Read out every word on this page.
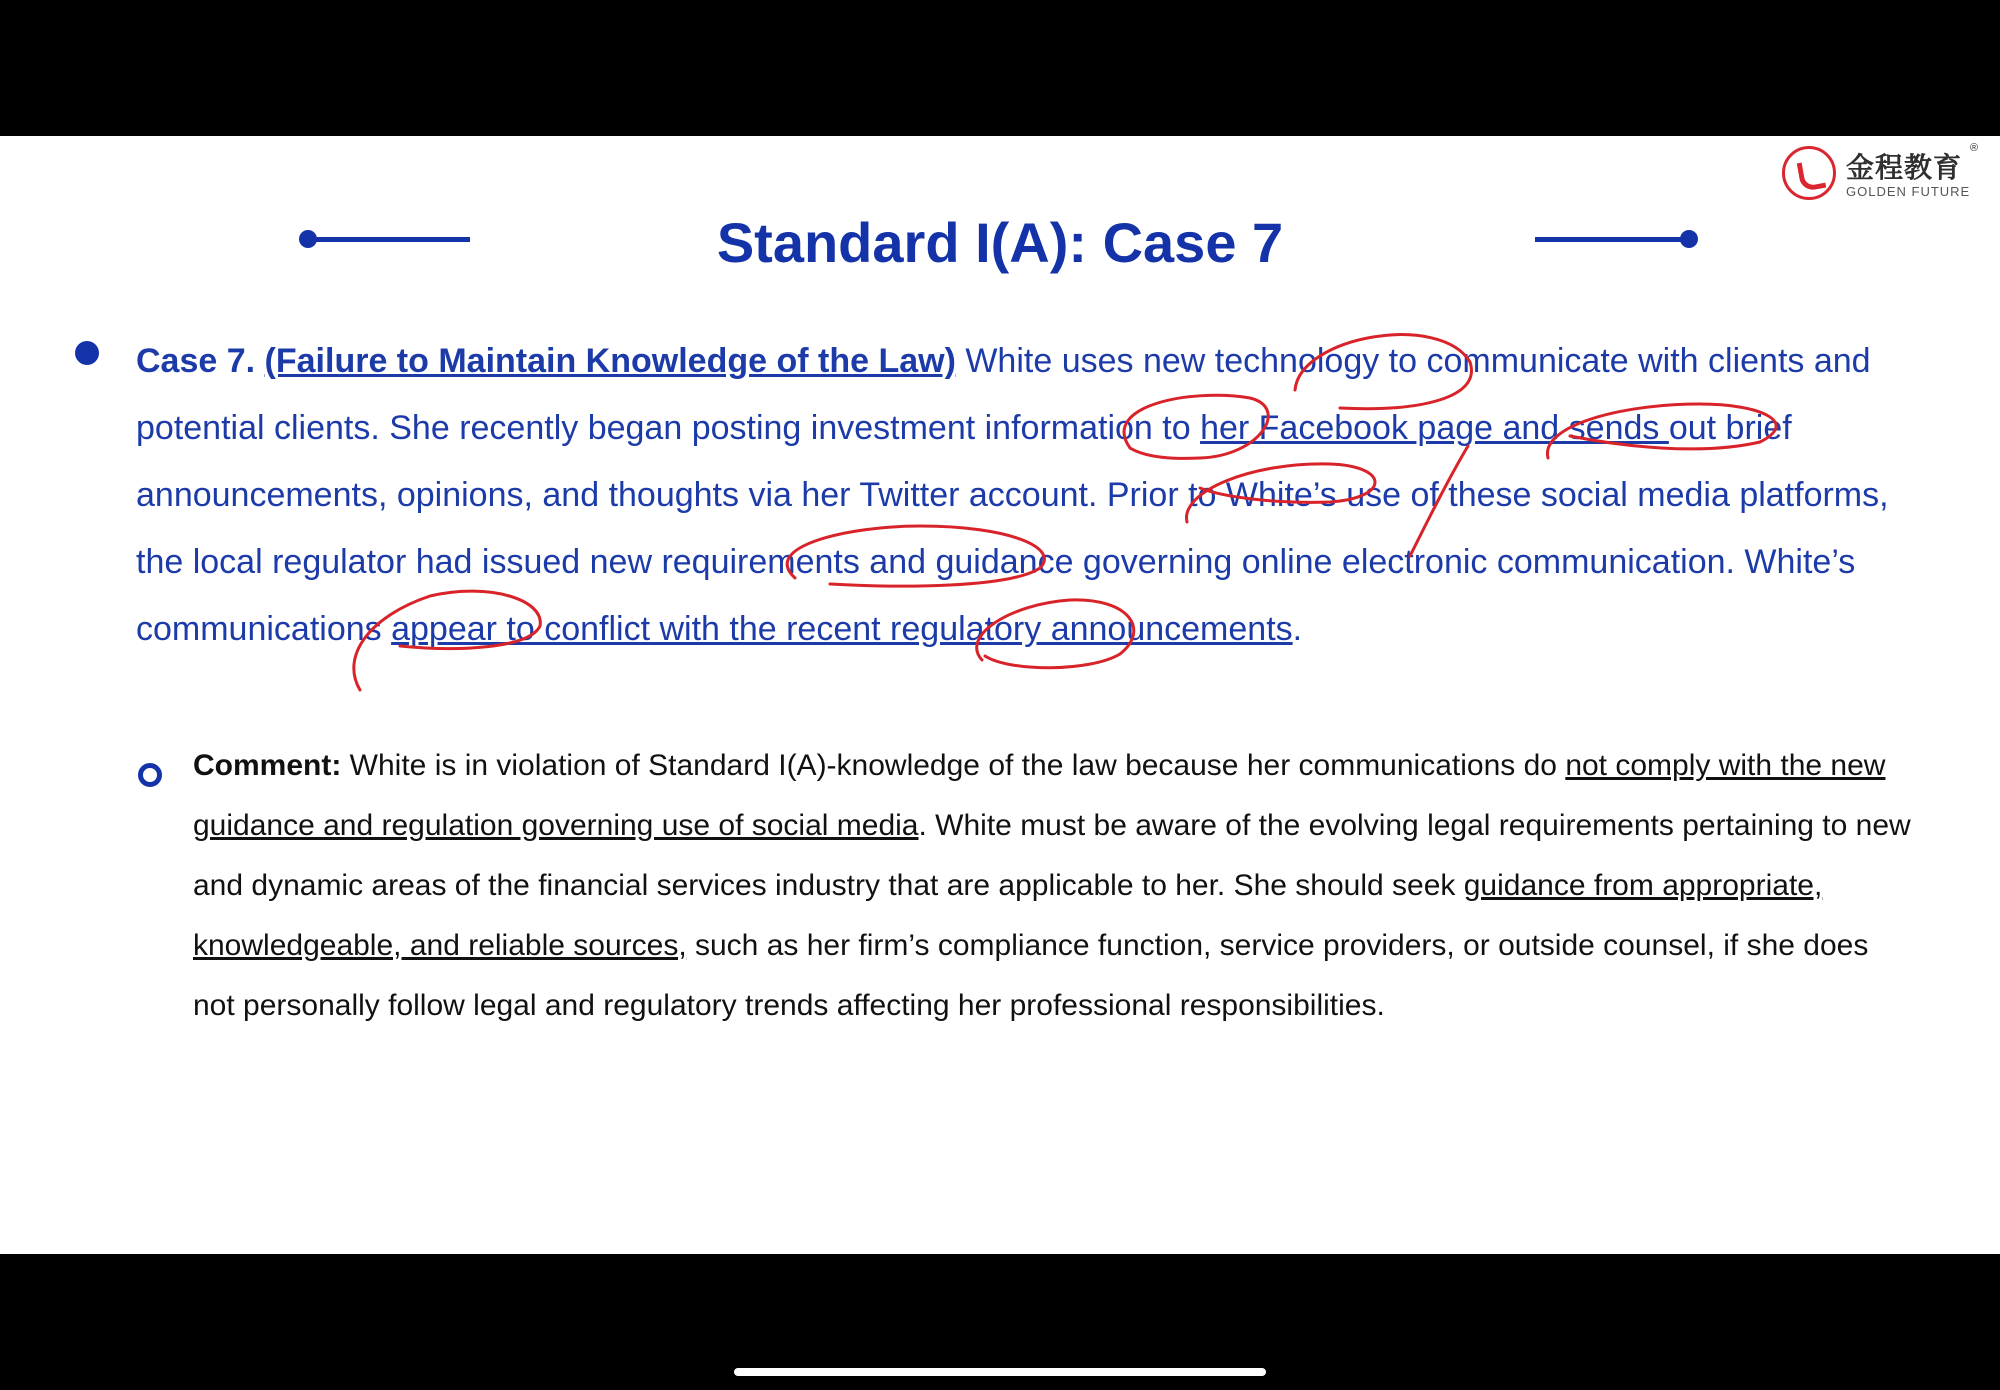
金程教育
GOLDEN FUTURE
®
Standard I(A): Case 7

Case 7. (Failure to Maintain Knowledge of the Law) White uses new technology to communicate with clients and potential clients. She recently began posting investment information to her Facebook page and sends out brief announcements, opinions, and thoughts via her Twitter account. Prior to White’s use of these social media platforms, the local regulator had issued new requirements and guidance governing online electronic communication. White’s communications appear to conflict with the recent regulatory announcements.

Comment: White is in violation of Standard I(A)-knowledge of the law because her communications do not comply with the new guidance and regulation governing use of social media. White must be aware of the evolving legal requirements pertaining to new and dynamic areas of the financial services industry that are applicable to her. She should seek guidance from appropriate, knowledgeable, and reliable sources, such as her firm’s compliance function, service providers, or outside counsel, if she does not personally follow legal and regulatory trends affecting her professional responsibilities.
